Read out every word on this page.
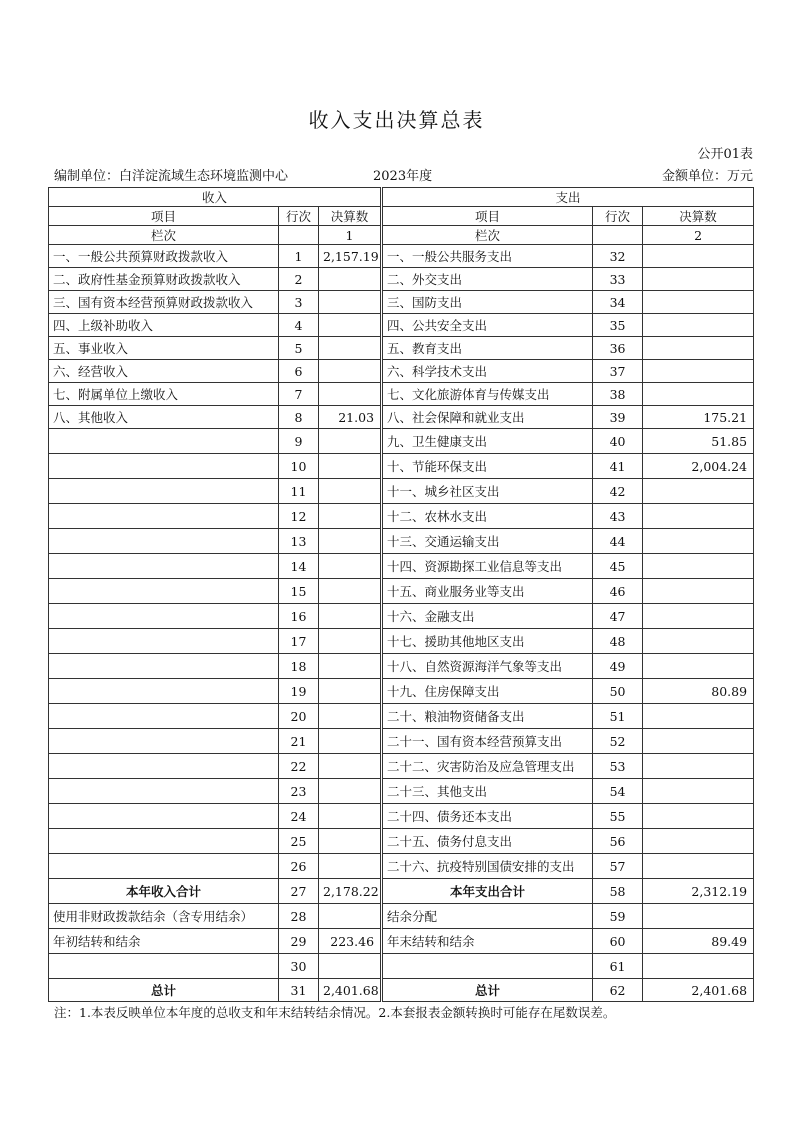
收入支出决算总表
公开01表
编制单位：白洋淀流域生态环境监测中心	2023年度	金额单位：万元
收入				支出		
项目	行次	决算数		项目	行次	决算数
栏次		1		栏次		2
一、一般公共预算财政拨款收入	1	2,157.19		一、一般公共服务支出	32	
二、政府性基金预算财政拨款收入	2			二、外交支出	33	
三、国有资本经营预算财政拨款收入	3			三、国防支出	34	
四、上级补助收入	4			四、公共安全支出	35	
五、事业收入	5			五、教育支出	36	
六、经营收入	6			六、科学技术支出	37	
七、附属单位上缴收入	7			七、文化旅游体育与传媒支出	38	
八、其他收入	8	21.03		八、社会保障和就业支出	39	175.21
	9			九、卫生健康支出	40	51.85
	10			十、节能环保支出	41	2,004.24
	11			十一、城乡社区支出	42	
	12			十二、农林水支出	43	
	13			十三、交通运输支出	44	
	14			十四、资源勘探工业信息等支出	45	
	15			十五、商业服务业等支出	46	
	16			十六、金融支出	47	
	17			十七、援助其他地区支出	48	
	18			十八、自然资源海洋气象等支出	49	
	19			十九、住房保障支出	50	80.89
	20			二十、粮油物资储备支出	51	
	21			二十一、国有资本经营预算支出	52	
	22			二十二、灾害防治及应急管理支出	53	
	23			二十三、其他支出	54	
	24			二十四、债务还本支出	55	
	25			二十五、债务付息支出	56	
	26			二十六、抗疫特别国债安排的支出	57	
本年收入合计	27	2,178.22		本年支出合计	58	2,312.19
使用非财政拨款结余（含专用结余）	28			结余分配	59	
年初结转和结余	29	223.46		年末结转和结余	60	89.49
	30				61	
总计	31	2,401.68		总计	62	2,401.68
注：1.本表反映单位本年度的总收支和年末结转结余情况。2.本套报表金额转换时可能存在尾数误差。
